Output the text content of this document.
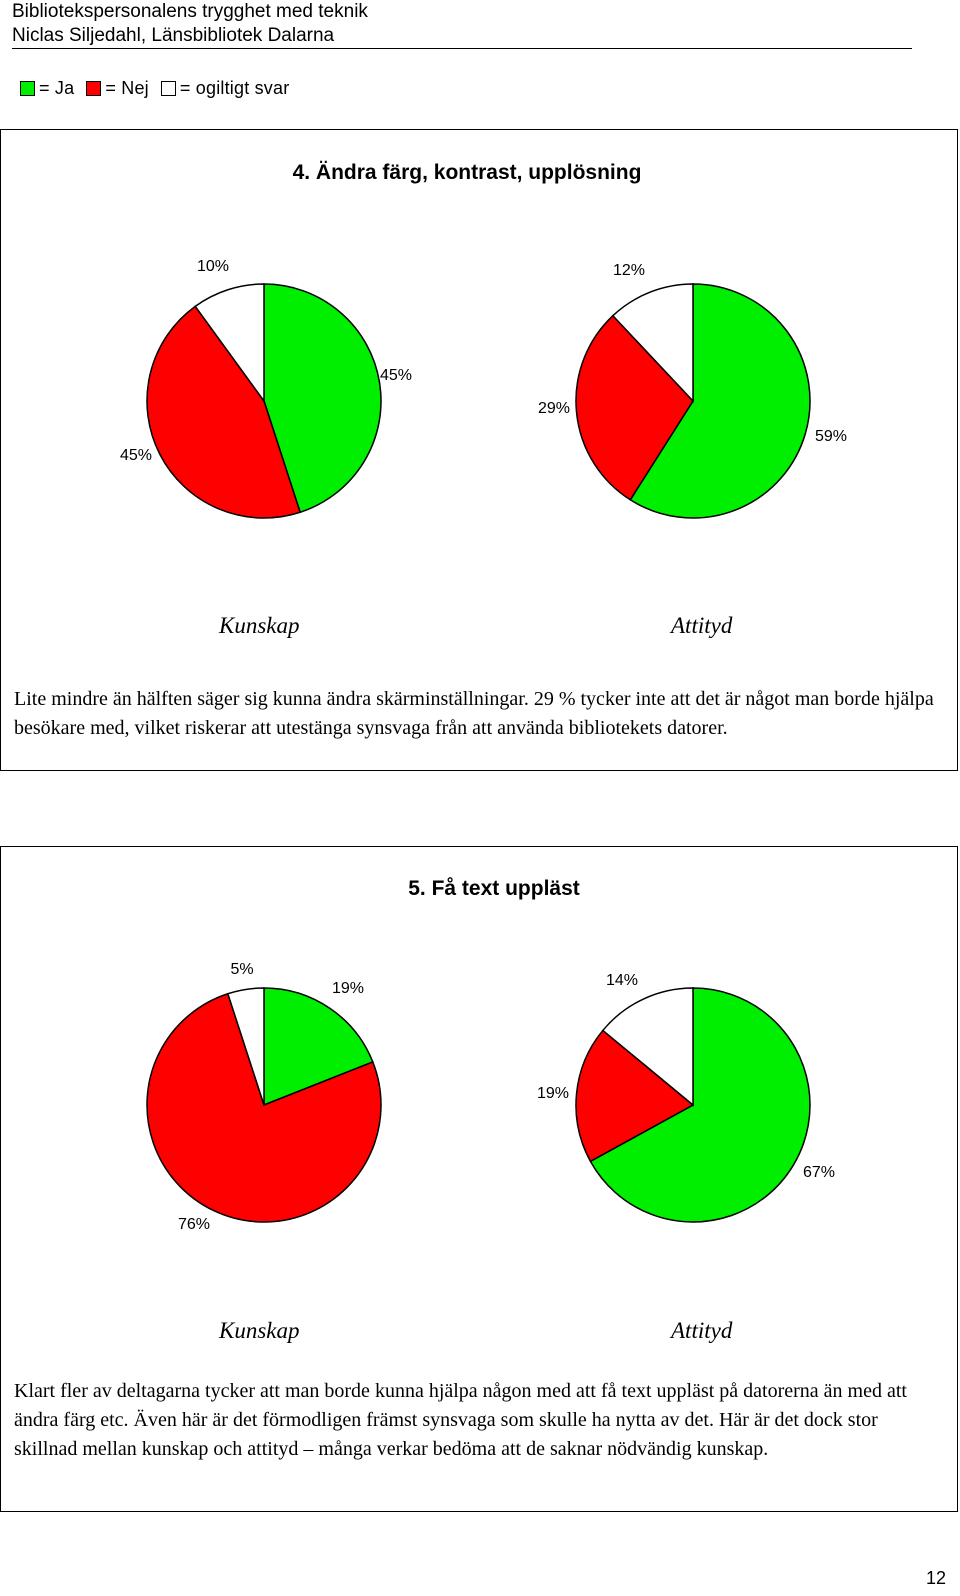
Biblioteksp​ersonalens trygghet med teknik
Niclas Siljedahl, Länsbibliotek Dalarna
= Ja = Nej = ogiltigt svar
4. Ändra färg, kontrast, upplösning
45%
45%
10%
59%
29%
12%
Kunskap	Attityd
Lite mindre än hälften säger sig kunna ändra skärminställningar. 29 % tycker inte att det är något man borde hjälpa besökare med, vilket riskerar att utestänga synsvaga från att använda bibliotekets datorer.
5. Få text uppläst
19%
76%
5%
67%
19%
14%
Kunskap	Attityd
Klart fler av deltagarna tycker att man borde kunna hjälpa någon med att få text uppläst på datorerna än med att ändra färg etc. Även här är det förmodligen främst synsvaga som skulle ha nytta av det. Här är det dock stor skillnad mellan kunskap och attityd – många verkar bedöma att de saknar nödvändig kunskap.
12
